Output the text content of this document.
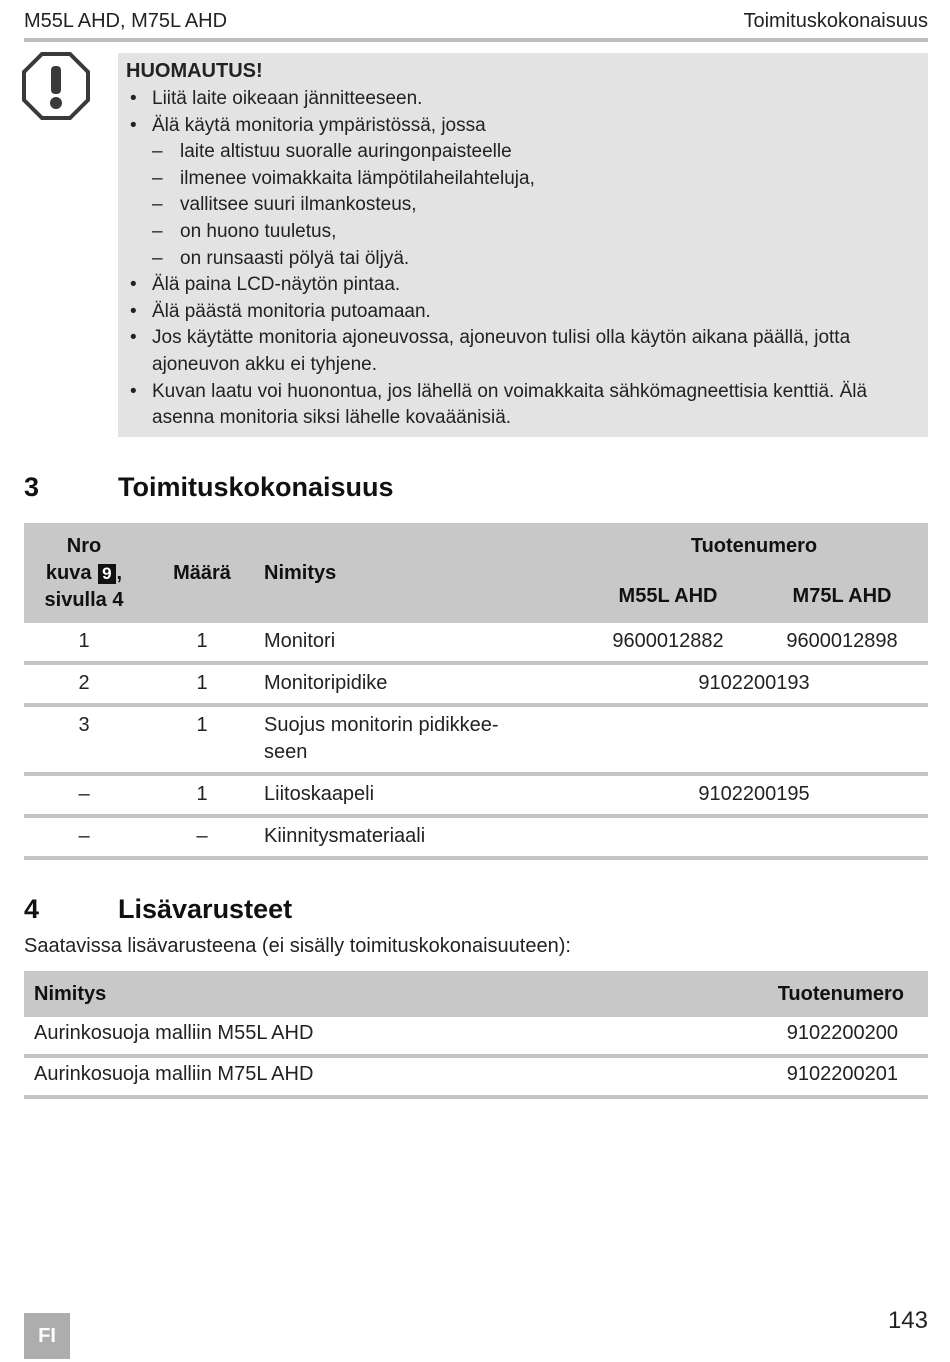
M55L AHD, M75L AHD	Toimituskokonaisuus
HUOMAUTUS!
• Liitä laite oikeaan jännitteeseen.
• Älä käytä monitoria ympäristössä, jossa
– laite altistuu suoralle auringonpaisteelle
– ilmenee voimakkaita lämpötilaheilahteluja,
– vallitsee suuri ilmankosteus,
– on huono tuuletus,
– on runsaasti pölyä tai öljyä.
• Älä paina LCD-näytön pintaa.
• Älä päästä monitoria putoamaan.
• Jos käytätte monitoria ajoneuvossa, ajoneuvon tulisi olla käytön aikana päällä, jotta ajoneuvon akku ei tyhjene.
• Kuvan laatu voi huonontua, jos lähellä on voimakkaita sähkömagneettisia kenttiä. Älä asenna monitoria siksi lähelle kovaäänisiä.
3	Toimituskokonaisuus
Nro
kuva 9 ,
sivulla 4	Määrä	Nimitys	Tuotenumero	
			M55L AHD	M75L AHD
1	1	Monitori	9600012882	9600012898
2	1	Monitoripidike	9102200193	
3	1	Suojus monitorin pidikkee-
seen		
–	1	Liitoskaapeli	9102200195	
–	–	Kiinnitysmateriaali		
4	Lisävarusteet
Saatavissa lisävarusteena (ei sisälly toimituskokonaisuuteen):
Nimitys	Tuotenumero
Aurinkosuoja malliin M55L AHD	9102200200
Aurinkosuoja malliin M75L AHD	9102200201
FI
143
